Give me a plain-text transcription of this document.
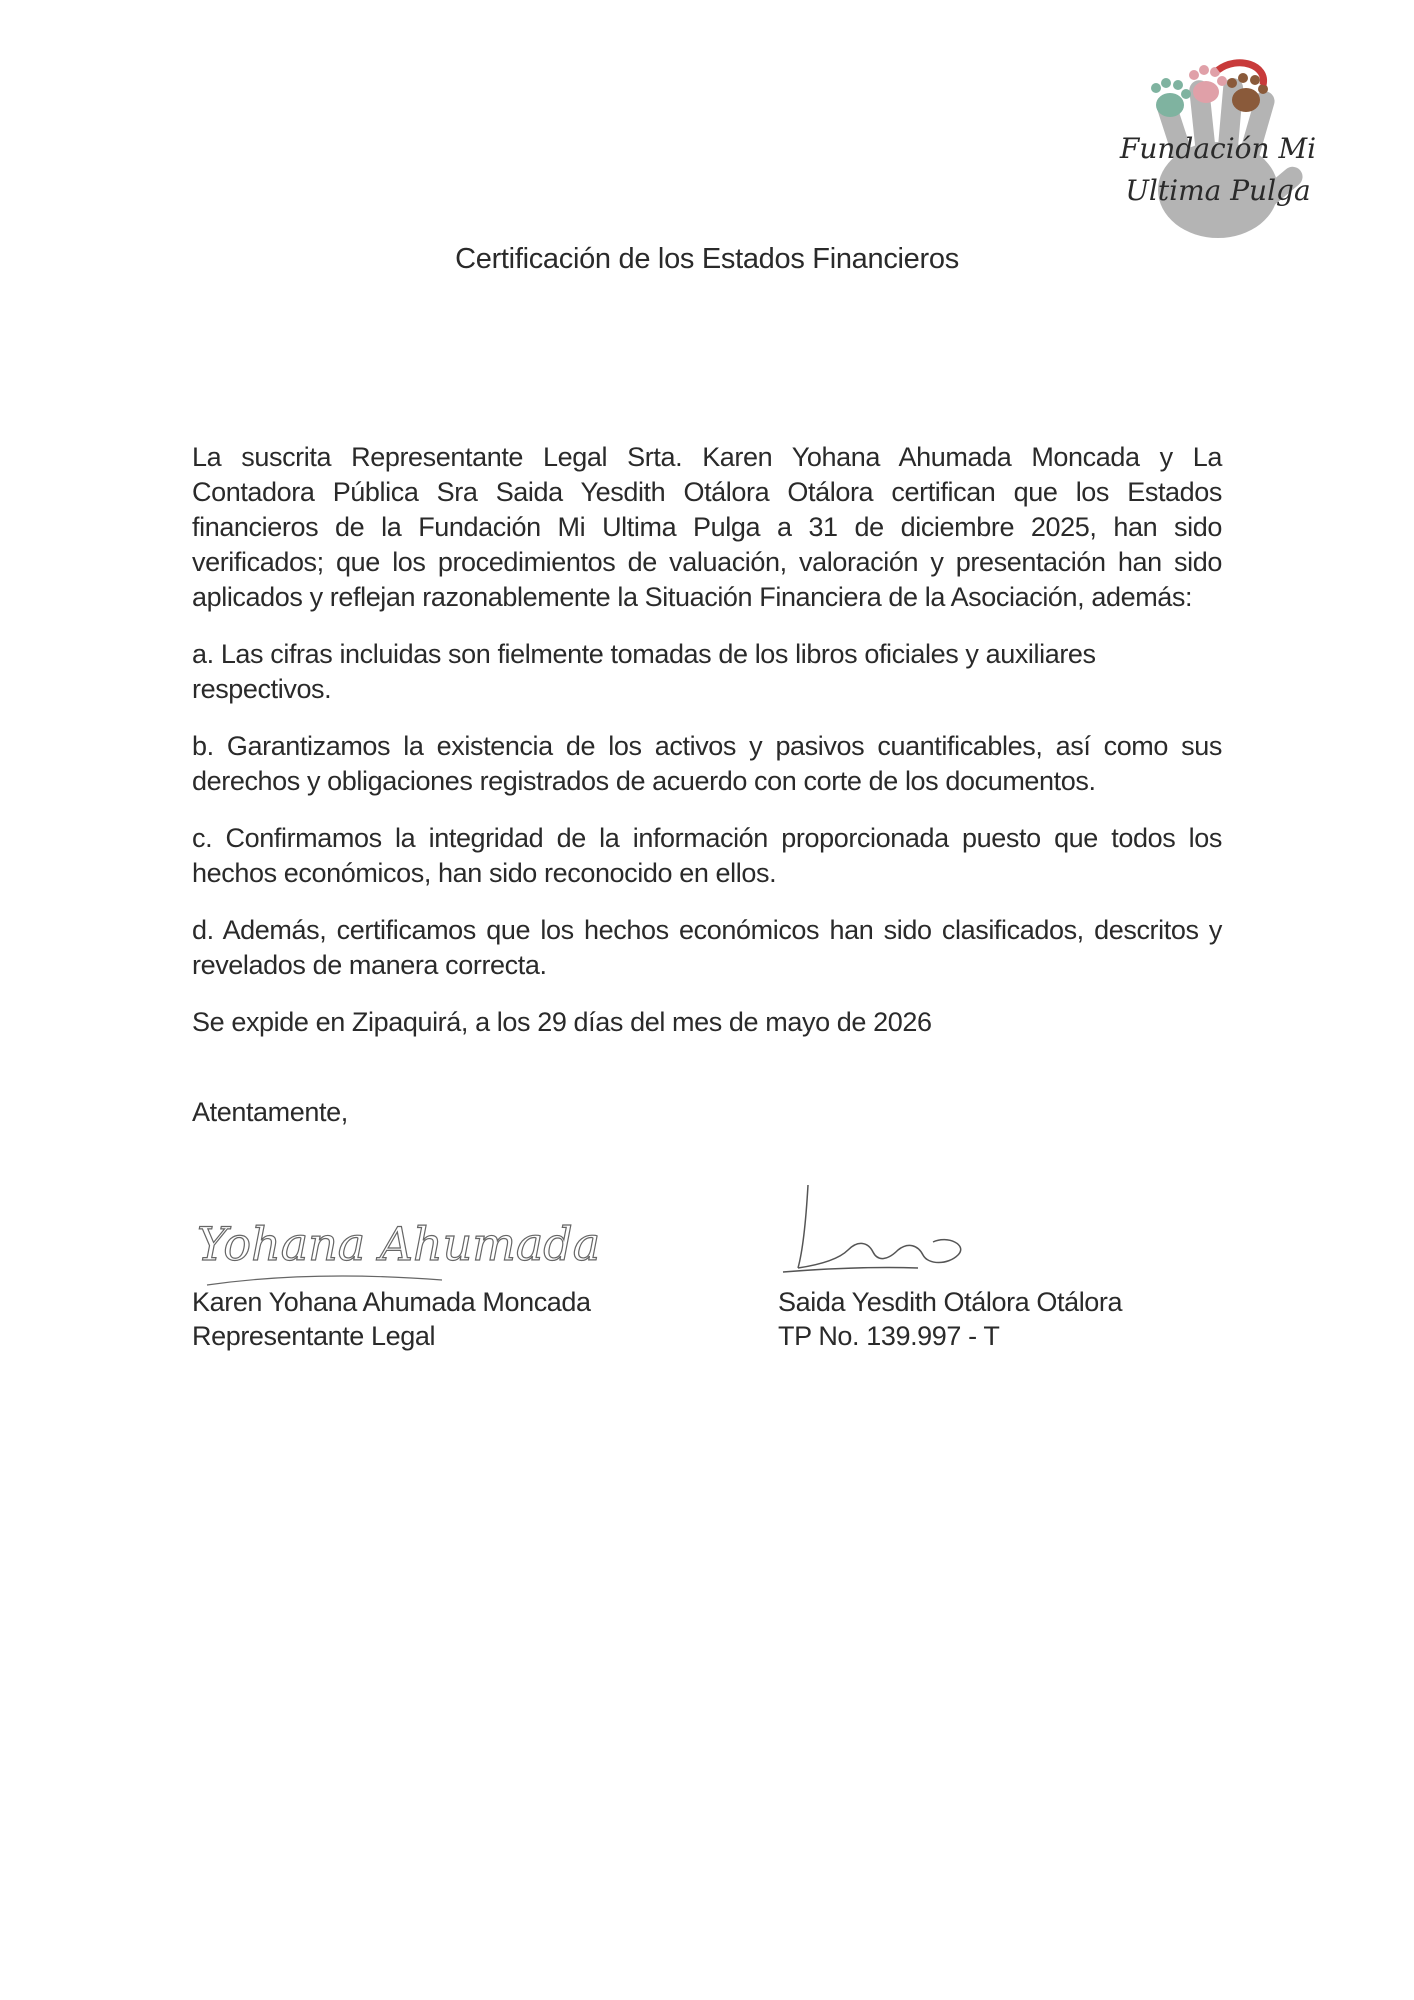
Fundación Mi
Ultima Pulga
Certificación de los Estados Financieros

La suscrita Representante Legal Srta. Karen Yohana Ahumada Moncada y La Contadora Pública Sra Saida Yesdith Otálora Otálora certifican que los Estados financieros de la Fundación Mi Ultima Pulga a 31 de diciembre 2025, han sido verificados; que los procedimientos de valuación, valoración y presentación han sido aplicados y reflejan razonablemente la Situación Financiera de la Asociación, además:

a. Las cifras incluidas son fielmente tomadas de los libros oficiales y auxiliares respectivos.

b. Garantizamos la existencia de los activos y pasivos cuantificables, así como sus derechos y obligaciones registrados de acuerdo con corte de los documentos.

c. Confirmamos la integridad de la información proporcionada puesto que todos los hechos económicos, han sido reconocido en ellos.

d. Además, certificamos que los hechos económicos han sido clasificados, descritos y revelados de manera correcta.

Se expide en Zipaquirá, a los 29 días del mes de mayo de 2026
Atentamente,
Yohana Ahumada
Karen Yohana Ahumada Moncada
Representante Legal
Saida Yesdith Otálora Otálora
TP No. 139.997 - T
